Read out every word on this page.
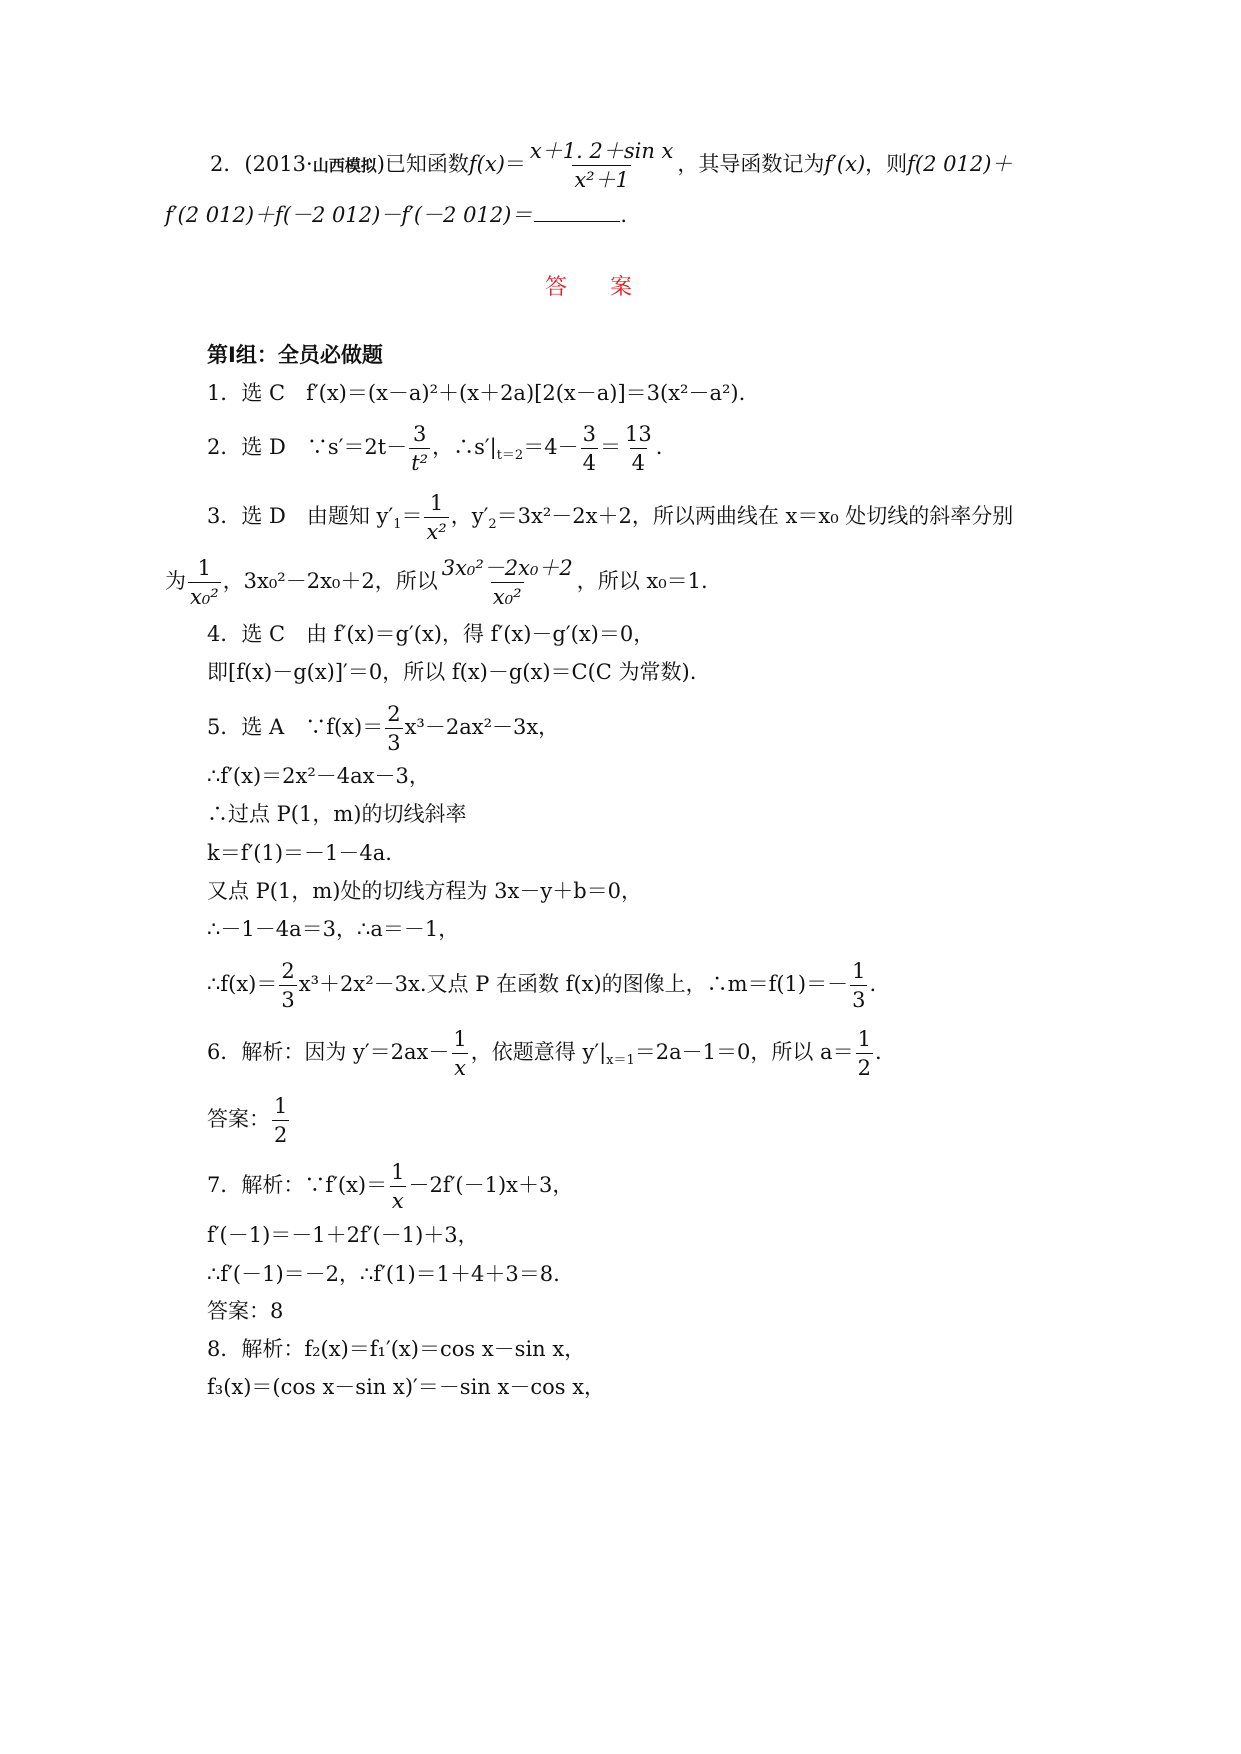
2．(2013·山西模拟)已知函数$f(x)= \frac{\text{x＋1. 2＋sin x}}{\text{x²＋1}}$ ，其导函数记为f′(x)，则f(2 012)＋
f′(2 012)＋f(－2 012)－f′(－2 012)＝	.
答 案
第Ⅰ组：全员必做题
1．选 C　f′(x)＝(x－a)²＋(x＋2a)[2(x－a)]＝3(x²－a²).
2．选 D　∵s′＝2t－ $\frac{3}{\text{t²}}$ ，$\therefore s'|_{t=2}=4- \frac{3}{4} = \frac{13}{4}$ .
3．选 D　由题知 $y'_1= \frac{1}{\text{x²}}$ ，$y'_2=3x^2-2x+2$，所以两曲线在 x＝x₀ 处切线的斜率分别
为 $\frac{1}{\text{x₀²}}$ ，3x₀²－2x₀＋2，所以 $\frac{\text{3x₀²－2x₀＋2}}{\text{x₀²}}$ ，所以 x₀＝1.
4．选 C　由 f′(x)＝g′(x)，得 f′(x)－g′(x)＝0，
即[f(x)－g(x)]′＝0，所以 f(x)－g(x)＝C(C 为常数).
5．选 A　∵f(x)＝ $\frac{2}{3} x^3-2ax^2-3x$，
∴f′(x)＝2x²－4ax－3，
∴过点 P(1，m)的切线斜率
k＝f′(1)＝－1－4a.
又点 P(1，m)处的切线方程为 3x－y＋b＝0，
∴－1－4a＝3，∴a＝－1，
∴f(x)＝ $\frac{2}{3} x^3+2x^2-3x$.又点 P 在函数 f(x)的图像上，∴m＝f(1)＝－ $\frac{1}{3}$ .
6．解析：因为 $y'=2ax- \frac{1}{x}$ ，依题意得 $y'|_{x=1}=2a-1=0$，所以 $a= \frac{1}{2}$ .
答案： $\frac{1}{2}$
7．解析：∵f′(x)＝ $\frac{1}{x} -2f'(-1)x+3$，
f′(－1)＝－1＋2f′(－1)＋3，
∴f′(－1)＝－2，∴f′(1)＝1＋4＋3＝8.
答案：8
8．解析：f₂(x)＝f₁′(x)＝cos x－sin x，
f₃(x)＝(cos x－sin x)′＝－sin x－cos x，
